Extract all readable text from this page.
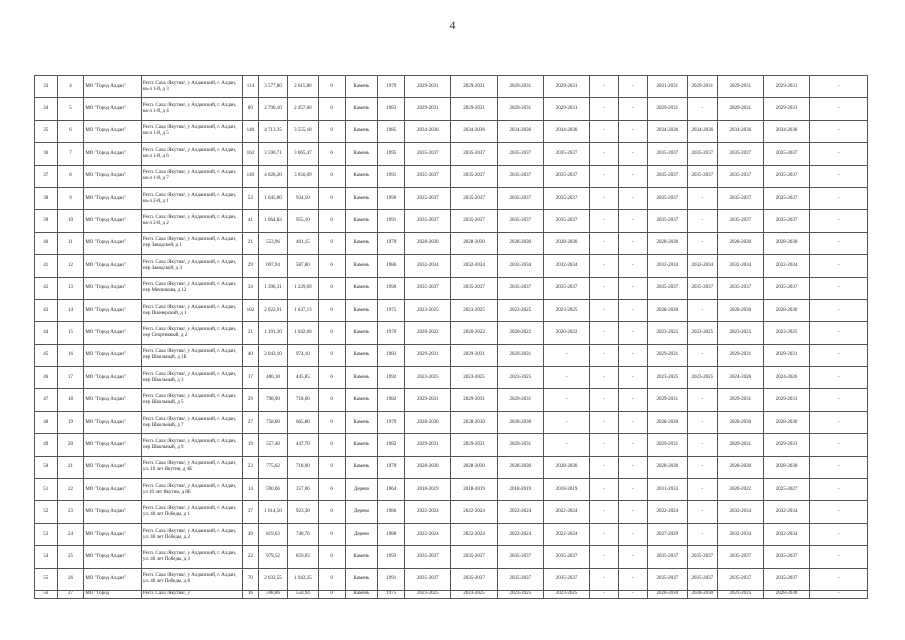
4
33	4	МО "Город Алдан"	Респ. Саха /Якутия/, у Алданский, г. Алдан, кв-л 1-й, д 3	114	3 577,80	2 615,80	0	Камень	1979	2029-2031	2029-2031	2029-2031	2029-2031	-	-	2031-2031	2029-2031	2029-2031	2029-2031	-
34	5	МО "Город Алдан"	Респ. Саха /Якутия/, у Алданский, г. Алдан, кв-л 1-й, д 4	89	2 790,10	2 457,60	0	Камень	1983	2029-2031	2029-2031	2029-2031	2029-2031	-	-	2029-2031	-	2029-2031	2029-2031	-
35	6	МО "Город Алдан"	Респ. Саха /Якутия/, у Алданский, г. Алдан, кв-л 1-й, д 5	140	4 713,35	3 555,18	0	Камень	1985	2034-2036	2034-2036	2034-2036	2034-2036	-	-	2034-2036	2034-2036	2034-2036	2034-2036	-
36	7	МО "Город Алдан"	Респ. Саха /Якутия/, у Алданский, г. Алдан, кв-л 1-й, д 6	162	3 590,71	3 065,47	0	Камень	1995	2035-2037	2035-2037	2035-2037	2035-2037	-	-	2035-2037	2035-2037	2035-2037	2035-2037	-
37	8	МО "Город Алдан"	Респ. Саха /Якутия/, у Алданский, г. Алдан, кв-л 1-й, д 7	149	4 026,20	3 056,09	0	Камень	1991	2035-2037	2035-2037	2035-2037	2035-2037	-	-	2035-2037	2035-2037	2035-2037	2035-2037	-
38	9	МО "Город Алдан"	Респ. Саха /Якутия/, у Алданский, г. Алдан, кв-л 2-й, д 1	53	1 045,00	934,50	0	Камень	1990	2035-2037	2035-2037	2035-2037	2035-2037	-	-	2035-2037	-	2035-2037	2035-2037	-
39	10	МО "Город Алдан"	Респ. Саха /Якутия/, у Алданский, г. Алдан, кв-л 2-й, д 2	41	1 064,83	955,10	0	Камень	1991	2035-2037	2035-2037	2035-2037	2035-2037	-	-	2035-2037	-	2035-2037	2035-2037	-
40	11	МО "Город Алдан"	Респ. Саха /Якутия/, у Алданский, г. Алдан, пер Заводской, д 1	21	553,96	401,15	0	Камень	1979	2028-2030	2028-2030	2028-2030	2028-2030	-	-	2028-2030	-	2028-2030	2028-2030	-
41	12	МО "Город Алдан"	Респ. Саха /Якутия/, у Алданский, г. Алдан, пер Заводской, д 3	29	697,94	587,80	0	Камень	1986	2032-2034	2032-2034	2032-2034	2032-2034	-	-	2032-2034	2032-2034	2032-2034	2032-2034	-
42	13	МО "Город Алдан"	Респ. Саха /Якутия/, у Алданский, г. Алдан, пер Мечникова, д 12	34	1 396,31	1 229,09	0	Камень	1990	2035-2037	2035-2037	2035-2037	2035-2037	-	-	2035-2037	2035-2037	2035-2037	2035-2037	-
43	14	МО "Город Алдан"	Респ. Саха /Якутия/, у Алданский, г. Алдан, пер Пионерский, д 1	102	2 022,91	1 637,13	0	Камень	1975	2023-2025	2023-2025	2023-2025	2023-2025	-	-	2028-2030	-	2028-2030	2028-2030	-
44	15	МО "Город Алдан"	Респ. Саха /Якутия/, у Алданский, г. Алдан, пер Спортивный, д 2	21	1 191,30	1 042,60	0	Камень	1970	2020-2022	2020-2022	2020-2022	2020-2022	-	-	2023-2025	2023-2025	2023-2025	2023-2025	-
45	16	МО "Город Алдан"	Респ. Саха /Якутия/, у Алданский, г. Алдан, пер Школьный, д 1Б	40	2 043,10	974,10	0	Камень	1983	2029-2031	2029-2031	2029-2031	-	-	-	2029-2031	-	2029-2031	2029-2031	-
46	17	МО "Город Алдан"	Респ. Саха /Якутия/, у Алданский, г. Алдан, пер Школьный, д 3	17	480,18	445,85	0	Камень	1992	2023-2025	2023-2025	2023-2025	-	-	-	2023-2025	2023-2025	2024-2026	2024-2026	-
47	18	МО "Город Алдан"	Респ. Саха /Якутия/, у Алданский, г. Алдан, пер Школьный, д 5	29	798,90	718,00	0	Камень	1982	2029-2031	2029-2031	2029-2031	-	-	-	2029-2031	-	2029-2031	2029-2031	-
48	19	МО "Город Алдан"	Респ. Саха /Якутия/, у Алданский, г. Алдан, пер Школьный, д 7	27	758,60	665,80	0	Камень	1979	2028-2030	2028-2030	2028-2030	-	-	-	2028-2030	-	2028-2030	2028-2030	-
49	20	МО "Город Алдан"	Респ. Саха /Якутия/, у Алданский, г. Алдан, пер Школьный, д 9	19	557,40	447,70	0	Камень	1982	2029-2031	2029-2031	2029-2031	-	-	-	2029-2031	-	2029-2031	2029-2031	-
50	21	МО "Город Алдан"	Респ. Саха /Якутия/, у Алданский, г. Алдан, ул. 10 лет Якутии, д 4Б	23	775,62	718,00	0	Камень	1979	2028-2030	2028-2030	2028-2030	2028-2030	-	-	2028-2030	-	2028-2030	2028-2030	-
51	22	МО "Город Алдан"	Респ. Саха /Якутия/, у Алданский, г. Алдан, ул 10 лет Якутии, д 8Б	14	590,66	357,06	0	Дерево	1964	2018-2019	2018-2019	2018-2019	2018-2019	-	-	2031-2033	-	2020-2022	2025-2027	-
52	23	МО "Город Алдан"	Респ. Саха /Якутия/, у Алданский, г. Алдан, ул. 40 лет Победы, д 1	37	1 014,50	923,30	0	Дерево	1986	2022-2024	2022-2024	2022-2024	2022-2024	-	-	2022-2024	-	2032-2034	2032-2034	-
53	24	МО "Город Алдан"	Респ. Саха /Якутия/, у Алданский, г. Алдан, ул. 40 лет Победы, д 2	49	819,63	740,76	0	Дерево	1988	2022-2024	2022-2024	2022-2024	2022-2024	-	-	2027-2029	-	2032-2034	2032-2034	-
54	25	МО "Город Алдан"	Респ. Саха /Якутия/, у Алданский, г. Алдан, ул. 40 лет Победы, д 3	22	979,52	859,03	0	Камень	1993	2035-2037	2035-2037	2035-2037	2035-2037	-	-	2035-2037	2035-2037	2035-2037	2035-2037	-
55	26	МО "Город Алдан"	Респ. Саха /Якутия/, у Алданский, г. Алдан, ул. 40 лет Победы, д 8	70	2 032,55	1 943,25	0	Камень	1991	2035-2037	2035-2037	2035-2037	2035-2037	-	-	2035-2037	2035-2037	2035-2037	2035-2037	-
56	27	МО "Город	Респ. Саха /Якутия/, у	16	598,86	550,94	0	Камень	1975	2023-2025	2023-2025	2023-2025	2023-2025	-	-	2028-2030	2028-2030	2023-2025	2028-2030	-
